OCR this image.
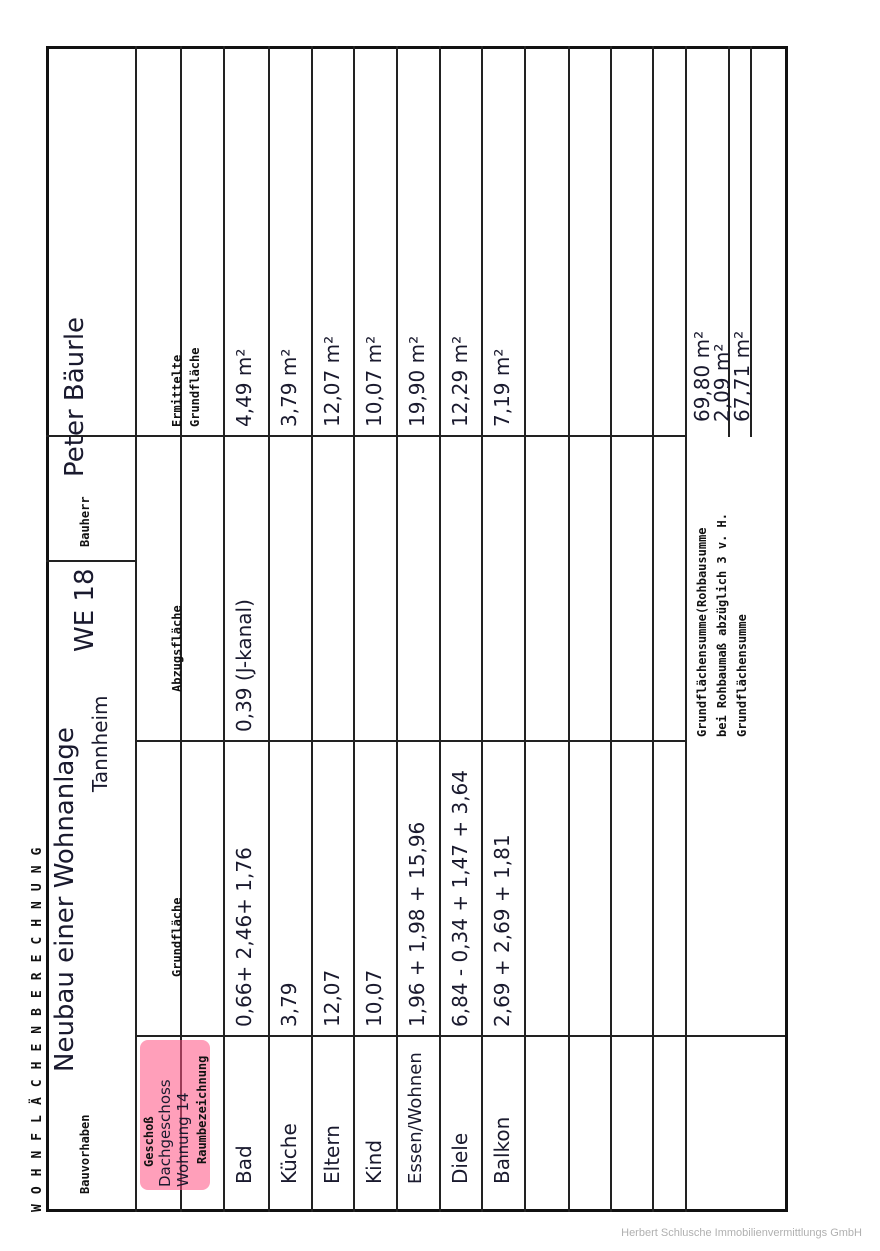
WOHNFLÄCHENBERECHNUNG	Bauvorhaben
Neubau einer Wohnanlage Tannheim
WE 18
Bauherr
Peter Bäurle
Geschoß Dachgeschoss Wohnung 14 Raumbezeichnung
Grundfläche
Abzugsfläche
Ermittelte Grundfläche
Bad Küche Eltern Kind Essen/Wohnen Diele Balkon
0,66+ 2,46+ 1,76 3,79 12,07 10,07 1,96 + 1,98 + 15,96 6,84 - 0,34 + 1,47 + 3,64 2,69 + 2,69 + 1,81
0,39 (J-kanal)
4,49 m² 3,79 m² 12,07 m² 10,07 m² 19,90 m² 12,29 m² 7,19 m²
Grundflächensumme(Rohbausumme bei Rohbaumaß abzüglich 3 v. H. Grundflächensumme
69,80 m²
2,09 m²
67,71 m²
Herbert Schlusche Immobilienvermittlungs GmbH
